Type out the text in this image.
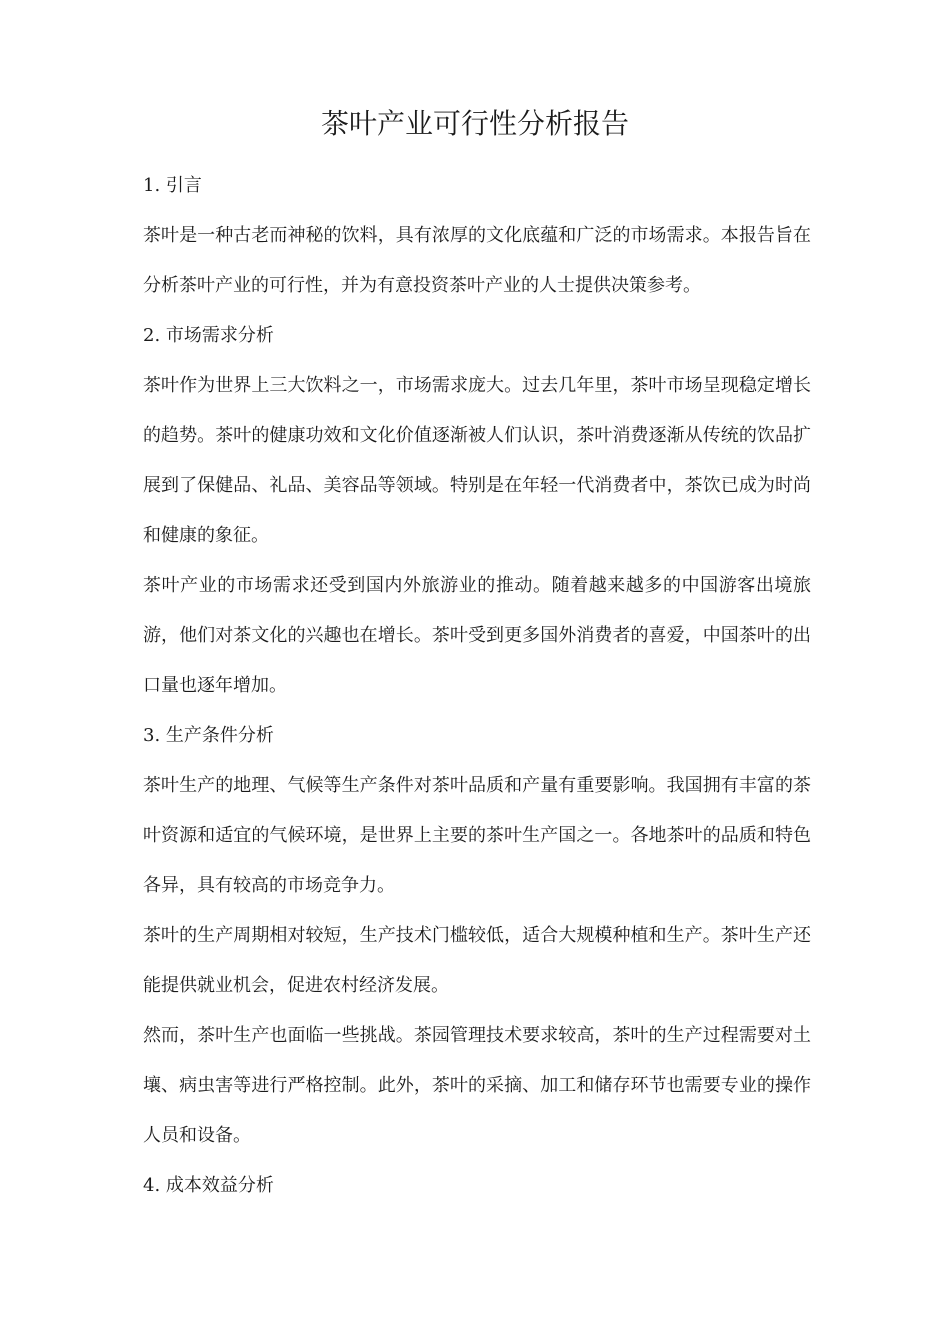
茶叶产业可行性分析报告

1. 引言

茶叶是一种古老而神秘的饮料，具有浓厚的文化底蕴和广泛的市场需求。本报告旨在分析茶叶产业的可行性，并为有意投资茶叶产业的人士提供决策参考。

2. 市场需求分析

茶叶作为世界上三大饮料之一，市场需求庞大。过去几年里，茶叶市场呈现稳定增长的趋势。茶叶的健康功效和文化价值逐渐被人们认识，茶叶消费逐渐从传统的饮品扩展到了保健品、礼品、美容品等领域。特别是在年轻一代消费者中，茶饮已成为时尚和健康的象征。

茶叶产业的市场需求还受到国内外旅游业的推动。随着越来越多的中国游客出境旅游，他们对茶文化的兴趣也在增长。茶叶受到更多国外消费者的喜爱，中国茶叶的出口量也逐年增加。

3. 生产条件分析

茶叶生产的地理、气候等生产条件对茶叶品质和产量有重要影响。我国拥有丰富的茶叶资源和适宜的气候环境，是世界上主要的茶叶生产国之一。各地茶叶的品质和特色各异，具有较高的市场竞争力。

茶叶的生产周期相对较短，生产技术门槛较低，适合大规模种植和生产。茶叶生产还能提供就业机会，促进农村经济发展。

然而，茶叶生产也面临一些挑战。茶园管理技术要求较高，茶叶的生产过程需要对土壤、病虫害等进行严格控制。此外，茶叶的采摘、加工和储存环节也需要专业的操作人员和设备。

4. 成本效益分析
